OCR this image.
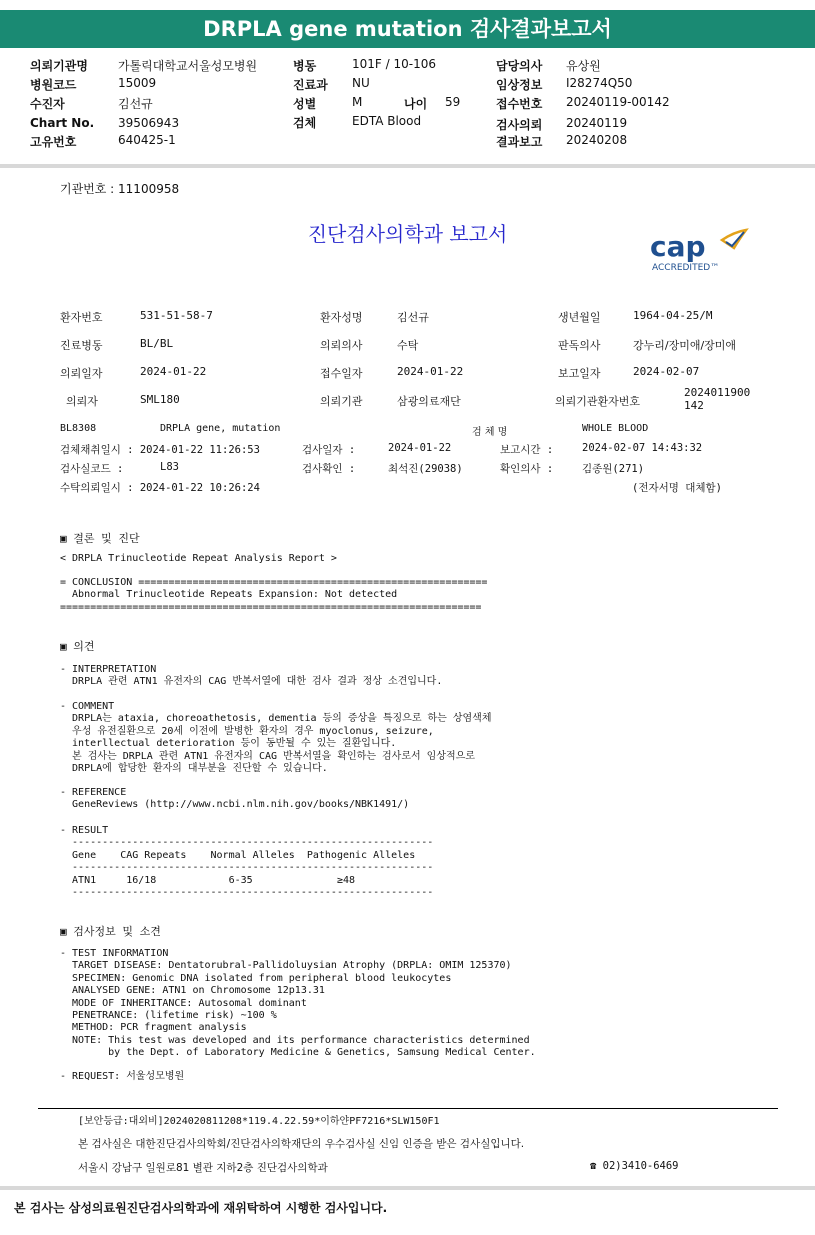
DRPLA gene mutation 검사결과보고서
의뢰기관명	가톨릭대학교서울성모병원
병원코드	15009
수진자	김선규
Chart No. 39506943
고유번호	640425-1
병동	101F / 10-106
진료과 NU
성별	M	나이 59
검체	EDTA Blood
담당의사 유상원
임상정보 I28274Q50
접수번호 20240119-00142
검사의뢰 20240119
결과보고 20240208
기관번호 : 11100958
진단검사의학과 보고서	cap
ACCREDITED™
환자번호	531-51-58-7	환자성명	김선규	생년월일	1964-04-25/M
진료병동	BL/BL	의뢰의사	수탁	판독의사	강누리/장미애/장미애
의뢰일자	2024-01-22	접수일자	2024-01-22	보고일자	2024-02-07
의뢰자	SML180	의뢰기관	삼광의료재단	의뢰기관환자번호
2024011900142
BL8308	DRPLA gene, mutation	검 체 명	WHOLE BLOOD
검체채취일시 : 2024-01-22 11:26:53	검사일자 :	2024-01-22	보고시간 :	2024-02-07 14:43:32
검사실코드 :	L83	검사확인 :	최석진(29038)	확인의사 :	김종원(271)
수탁의뢰일시 : 2024-01-22 10:26:24	(전자서명 대체함)
▣ 결론 및 진단
< DRPLA Trinucleotide Repeat Analysis Report >
= CONCLUSION ==========================================================
Abnormal Trinucleotide Repeats Expansion: Not detected
======================================================================
▣ 의견
- INTERPRETATION
DRPLA 관련 ATN1 유전자의 CAG 반복서열에 대한 검사 결과 정상 소견입니다.
- COMMENT
DRPLA는 ataxia, choreoathetosis, dementia 등의 증상을 특징으로 하는 상염색체
우성 유전질환으로 20세 이전에 발병한 환자의 경우 myoclonus, seizure,
interllectual deterioration 등이 동반될 수 있는 질환입니다.
본 검사는 DRPLA 관련 ATN1 유전자의 CAG 반복서열을 확인하는 검사로서 임상적으로
DRPLA에 합당한 환자의 대부분을 진단할 수 있습니다.
- REFERENCE
GeneReviews (http://www.ncbi.nlm.nih.gov/books/NBK1491/)
- RESULT
------------------------------------------------------------
Gene    CAG Repeats    Normal Alleles  Pathogenic Alleles
------------------------------------------------------------
ATN1     16/18            6-35              ≥48
------------------------------------------------------------
▣ 검사정보 및 소견
- TEST INFORMATION
TARGET DISEASE: Dentatorubral-Pallidoluysian Atrophy (DRPLA: OMIM 125370)
SPECIMEN: Genomic DNA isolated from peripheral blood leukocytes
ANALYSED GENE: ATN1 on Chromosome 12p13.31
MODE OF INHERITANCE: Autosomal dominant
PENETRANCE: (lifetime risk) ~100 %
METHOD: PCR fragment analysis
NOTE: This test was developed and its performance characteristics determined
by the Dept. of Laboratory Medicine & Genetics, Samsung Medical Center.
- REQUEST: 서울성모병원
[보안등급:대외비]2024020811208*119.4.22.59*이하얀PF7216*SLW150F1
본 검사실은 대한진단검사의학회/진단검사의학재단의 우수검사실 신임 인증을 받은 검사실입니다.
서울시 강남구 일원로81 별관 지하2층 진단검사의학과	☎ 02)3410-6469
본 검사는 삼성의료원진단검사의학과에 재위탁하여 시행한 검사입니다.
